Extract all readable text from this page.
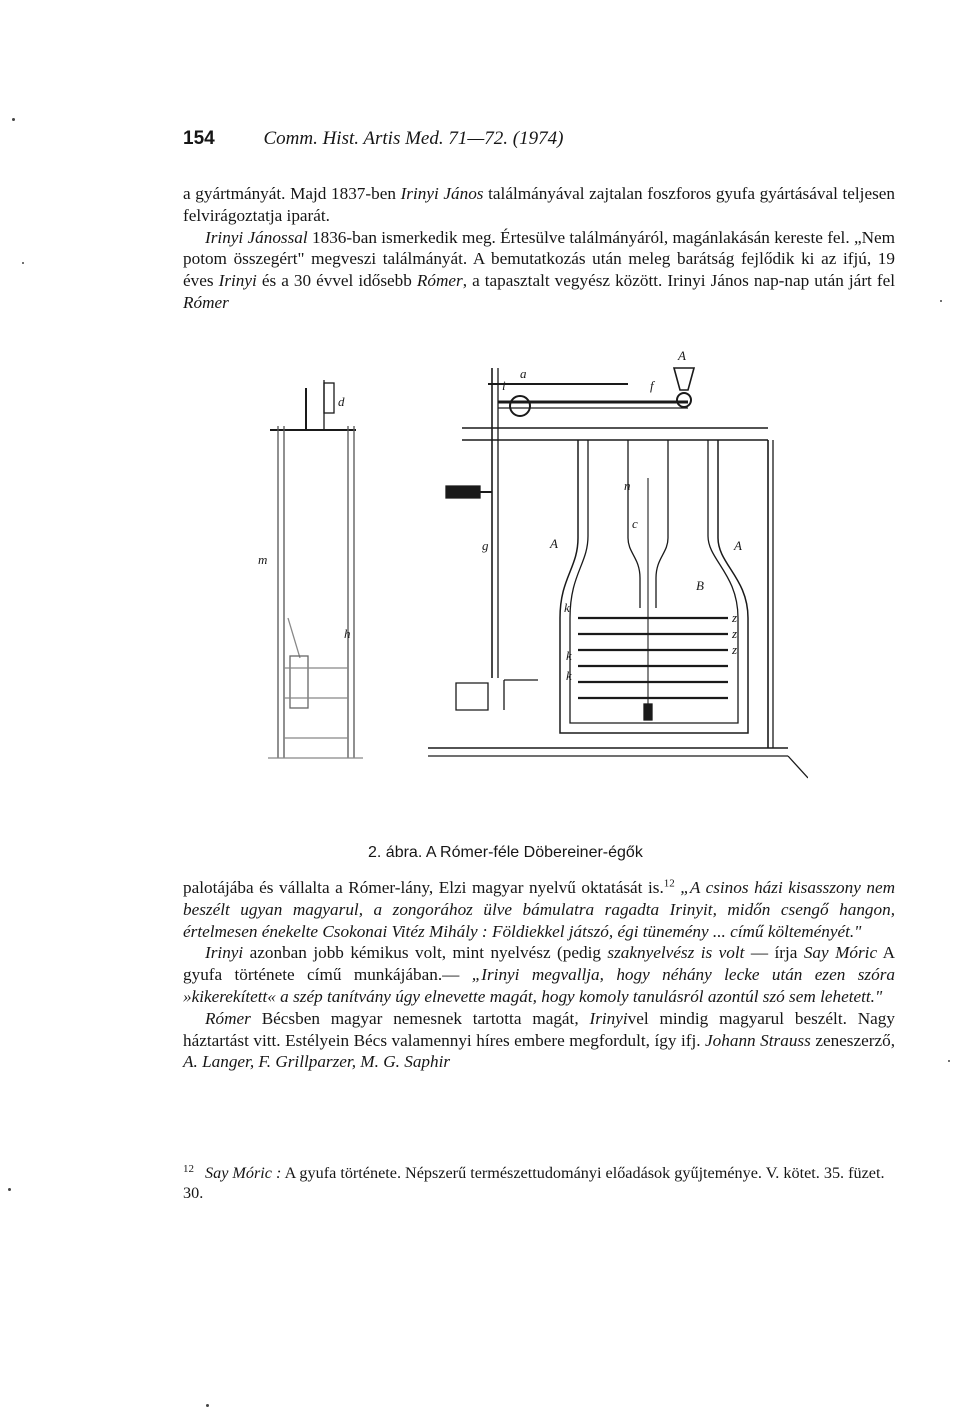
154	Comm. Hist. Artis Med. 71—72. (1974)

a gyártmányát. Majd 1837-ben Irinyi János találmányával zajtalan foszforos gyufa gyártásával teljesen felvirágoztatja iparát.

Irinyi Jánossal 1836-ban ismerkedik meg. Értesülve találmányáról, magánlakásán kereste fel. „Nem potom összegért" megveszi találmányát. A bemutatkozás után meleg barátság fejlődik ki az ifjú, 19 éves Irinyi és a 30 évvel idősebb Rómer, a tapasztalt vegyész között. Irinyi János nap-nap után járt fel Rómer

A
a
i	f
g	A
c
A
B
n
m
d
k
k
k
z
z
z
h
2. ábra. A Rómer-féle Döbereiner-égők

palotájába és vállalta a Rómer-lány, Elzi magyar nyelvű oktatását is.$^{12}$ „A csinos házi kisasszony nem beszélt ugyan magyarul, a zongorához ülve bámulatra ragadta Irinyit, midőn csengő hangon, értelmesen énekelte Csokonai Vitéz Mihály : Földiekkel játszó, égi tünemény ... című költeményét."

Irinyi azonban jobb kémikus volt, mint nyelvész (pedig szaknyelvész is volt — írja Say Móric A gyufa története című munkájában.— „Irinyi megvallja, hogy néhány lecke után ezen szóra »kikerekített« a szép tanítvány úgy elnevette magát, hogy komoly tanulásról azontúl szó sem lehetett."

Rómer Bécsben magyar nemesnek tartotta magát, Irinyivel mindig magyarul beszélt. Nagy háztartást vitt. Estélyein Bécs valamennyi híres embere megfordult, így ifj. Johann Strauss zeneszerző, A. Langer, F. Grillparzer, M. G. Saphir

12 Say Móric : A gyufa története. Népszerű természettudományi előadások gyűjteménye. V. kötet. 35. füzet. 30.
